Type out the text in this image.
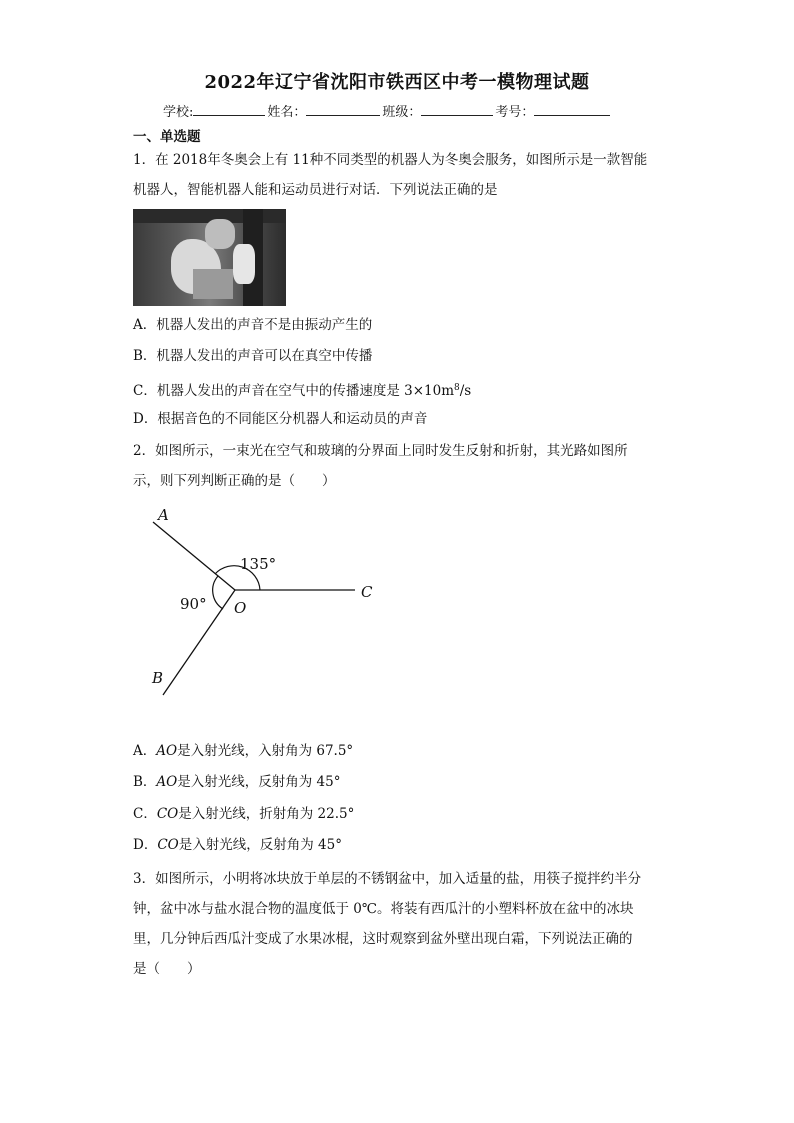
2022年辽宁省沈阳市铁西区中考一模物理试题
学校:	姓名：	班级：	考号：
一、单选题
1．在 2018年冬奥会上有 11种不同类型的机器人为冬奥会服务，如图所示是一款智能
机器人，智能机器人能和运动员进行对话．下列说法正确的是
A．机器人发出的声音不是由振动产生的
B．机器人发出的声音可以在真空中传播
C．机器人发出的声音在空气中的传播速度是 $3\times 10m^8/s$
D．根据音色的不同能区分机器人和运动员的声音
2．如图所示，一束光在空气和玻璃的分界面上同时发生反射和折射，其光路如图所
示，则下列判断正确的是（　　）
A
B
C
O
135°
90°
A．AO是入射光线，入射角为 67.5°
B．AO是入射光线，反射角为 45°
C．CO是入射光线，折射角为 22.5°
D．CO是入射光线，反射角为 45°
3．如图所示，小明将冰块放于单层的不锈钢盆中，加入适量的盐，用筷子搅拌约半分
钟，盆中冰与盐水混合物的温度低于 0℃。将装有西瓜汁的小塑料杯放在盆中的冰块
里，几分钟后西瓜汁变成了水果冰棍，这时观察到盆外壁出现白霜，下列说法正确的
是（　　）
